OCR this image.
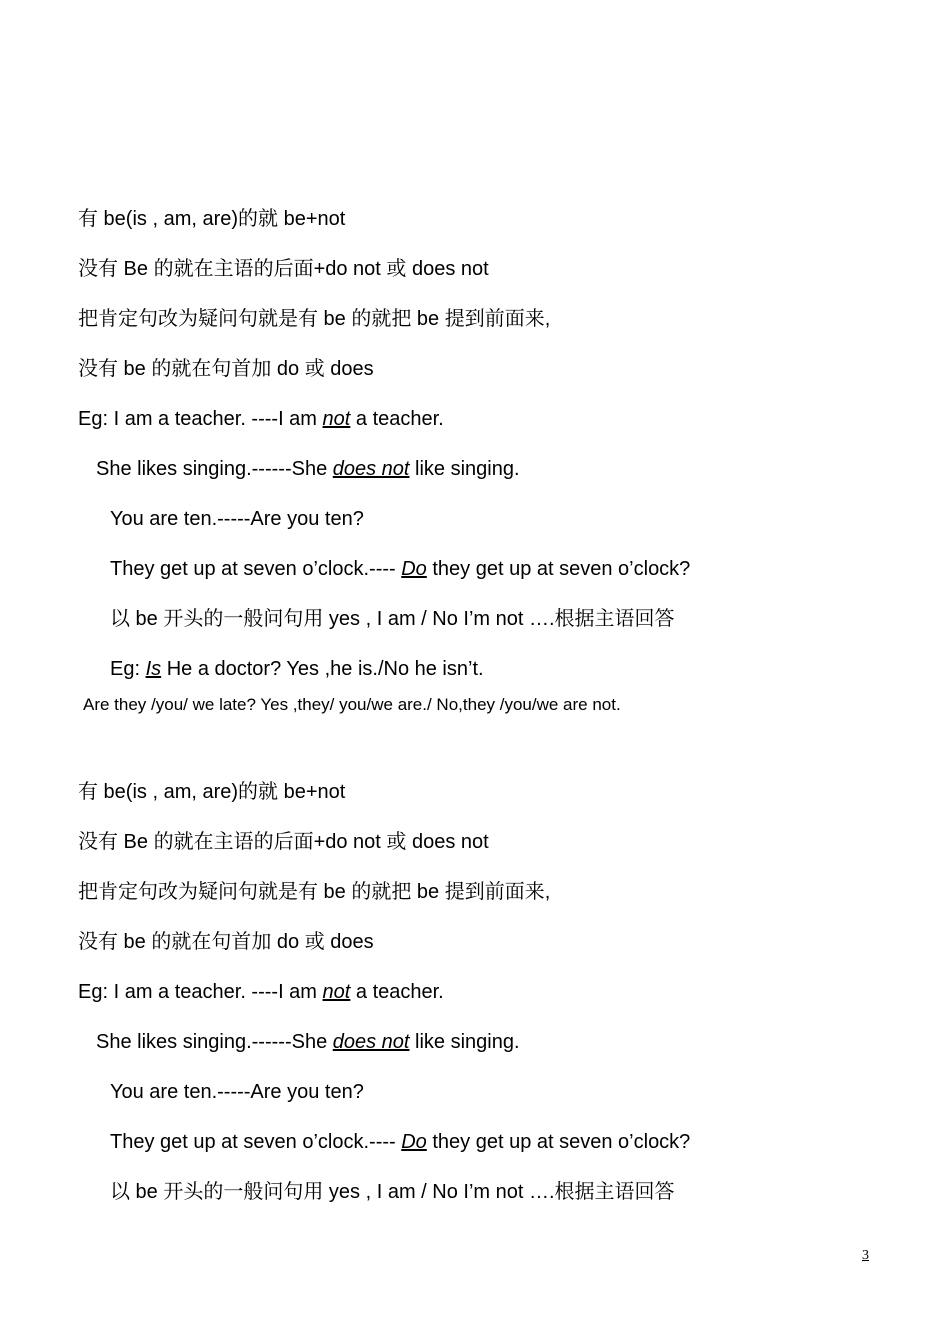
有 be(is , am, are)的就 be+not
没有 Be 的就在主语的后面+do not 或 does not
把肯定句改为疑问句就是有 be 的就把 be 提到前面来,
没有 be 的就在句首加 do 或 does
Eg: I am a teacher. ----I am not a teacher.
She likes singing.------She does not like singing.
You are ten.-----Are you ten?
They get up at seven o’clock.---- Do they get up at seven o’clock?
以 be 开头的一般问句用 yes , I am / No I’m not ….根据主语回答
Eg: Is He a doctor? Yes ,he is./No he isn’t.
Are they /you/ we late? Yes ,they/ you/we are./ No,they /you/we are not.
有 be(is , am, are)的就 be+not
没有 Be 的就在主语的后面+do not 或 does not
把肯定句改为疑问句就是有 be 的就把 be 提到前面来,
没有 be 的就在句首加 do 或 does
Eg: I am a teacher. ----I am not a teacher.
She likes singing.------She does not like singing.
You are ten.-----Are you ten?
They get up at seven o’clock.---- Do they get up at seven o’clock?
以 be 开头的一般问句用 yes , I am / No I’m not ….根据主语回答
3
